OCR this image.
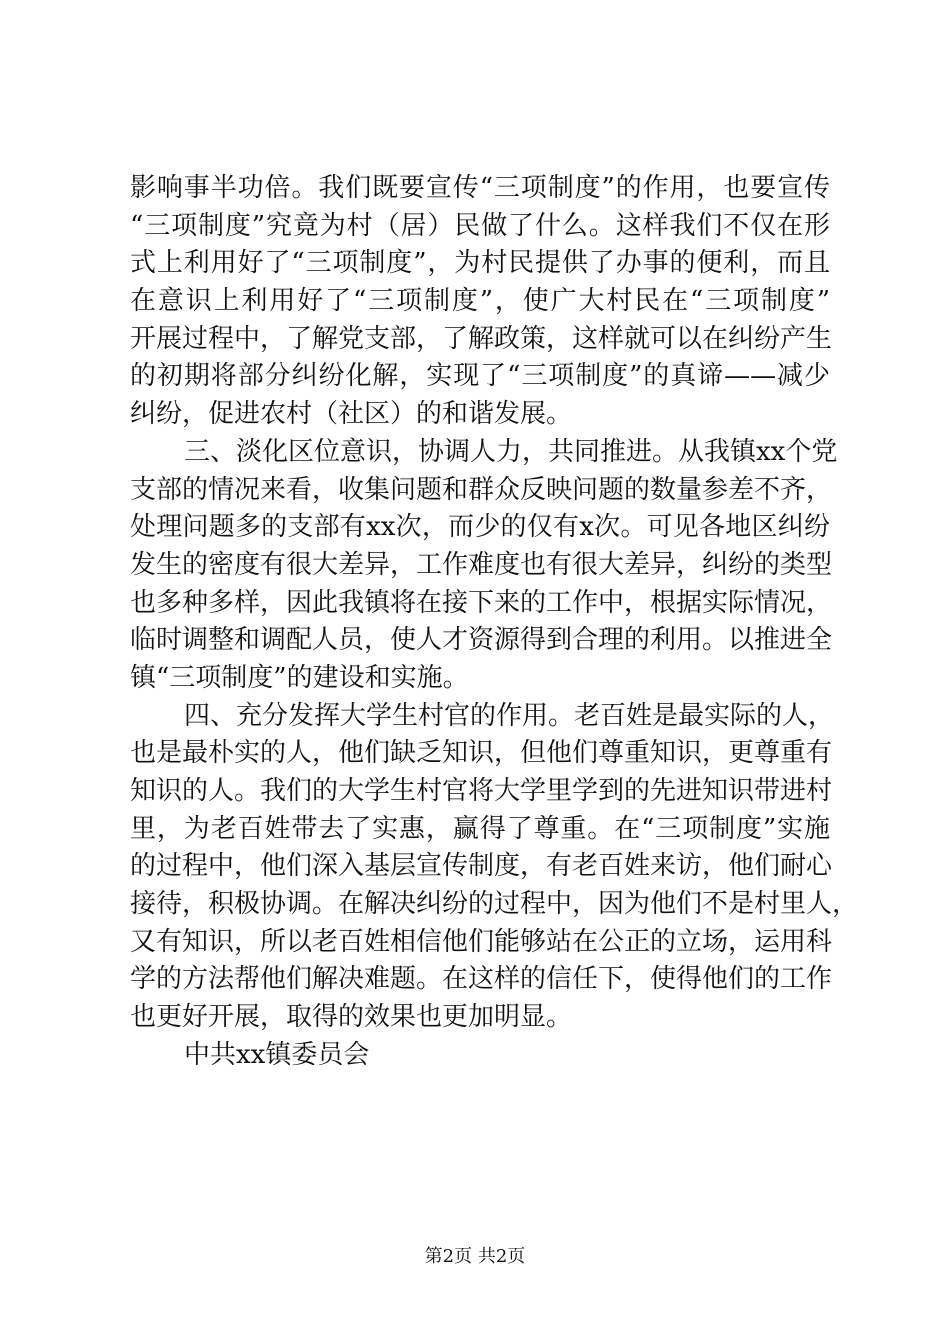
影响事半功倍。我们既要宣传“三项制度”的作用，也要宣传
“三项制度”究竟为村（居）民做了什么。这样我们不仅在形
式上利用好了“三项制度”，为村民提供了办事的便利，而且
在意识上利用好了“三项制度”，使广大村民在“三项制度”
开展过程中，了解党支部，了解政策，这样就可以在纠纷产生
的初期将部分纠纷化解，实现了“三项制度”的真谛——减少
纠纷，促进农村（社区）的和谐发展。
三、淡化区位意识，协调人力，共同推进。从我镇xx个党
支部的情况来看，收集问题和群众反映问题的数量参差不齐，
处理问题多的支部有xx次，而少的仅有x次。可见各地区纠纷
发生的密度有很大差异，工作难度也有很大差异，纠纷的类型
也多种多样，因此我镇将在接下来的工作中，根据实际情况，
临时调整和调配人员，使人才资源得到合理的利用。以推进全
镇“三项制度”的建设和实施。
四、充分发挥大学生村官的作用。老百姓是最实际的人，
也是最朴实的人，他们缺乏知识，但他们尊重知识，更尊重有
知识的人。我们的大学生村官将大学里学到的先进知识带进村
里，为老百姓带去了实惠，赢得了尊重。在“三项制度”实施
的过程中，他们深入基层宣传制度，有老百姓来访，他们耐心
接待，积极协调。在解决纠纷的过程中，因为他们不是村里人，
又有知识，所以老百姓相信他们能够站在公正的立场，运用科
学的方法帮他们解决难题。在这样的信任下，使得他们的工作
也更好开展，取得的效果也更加明显。
中共xx镇委员会
第2页 共2页
